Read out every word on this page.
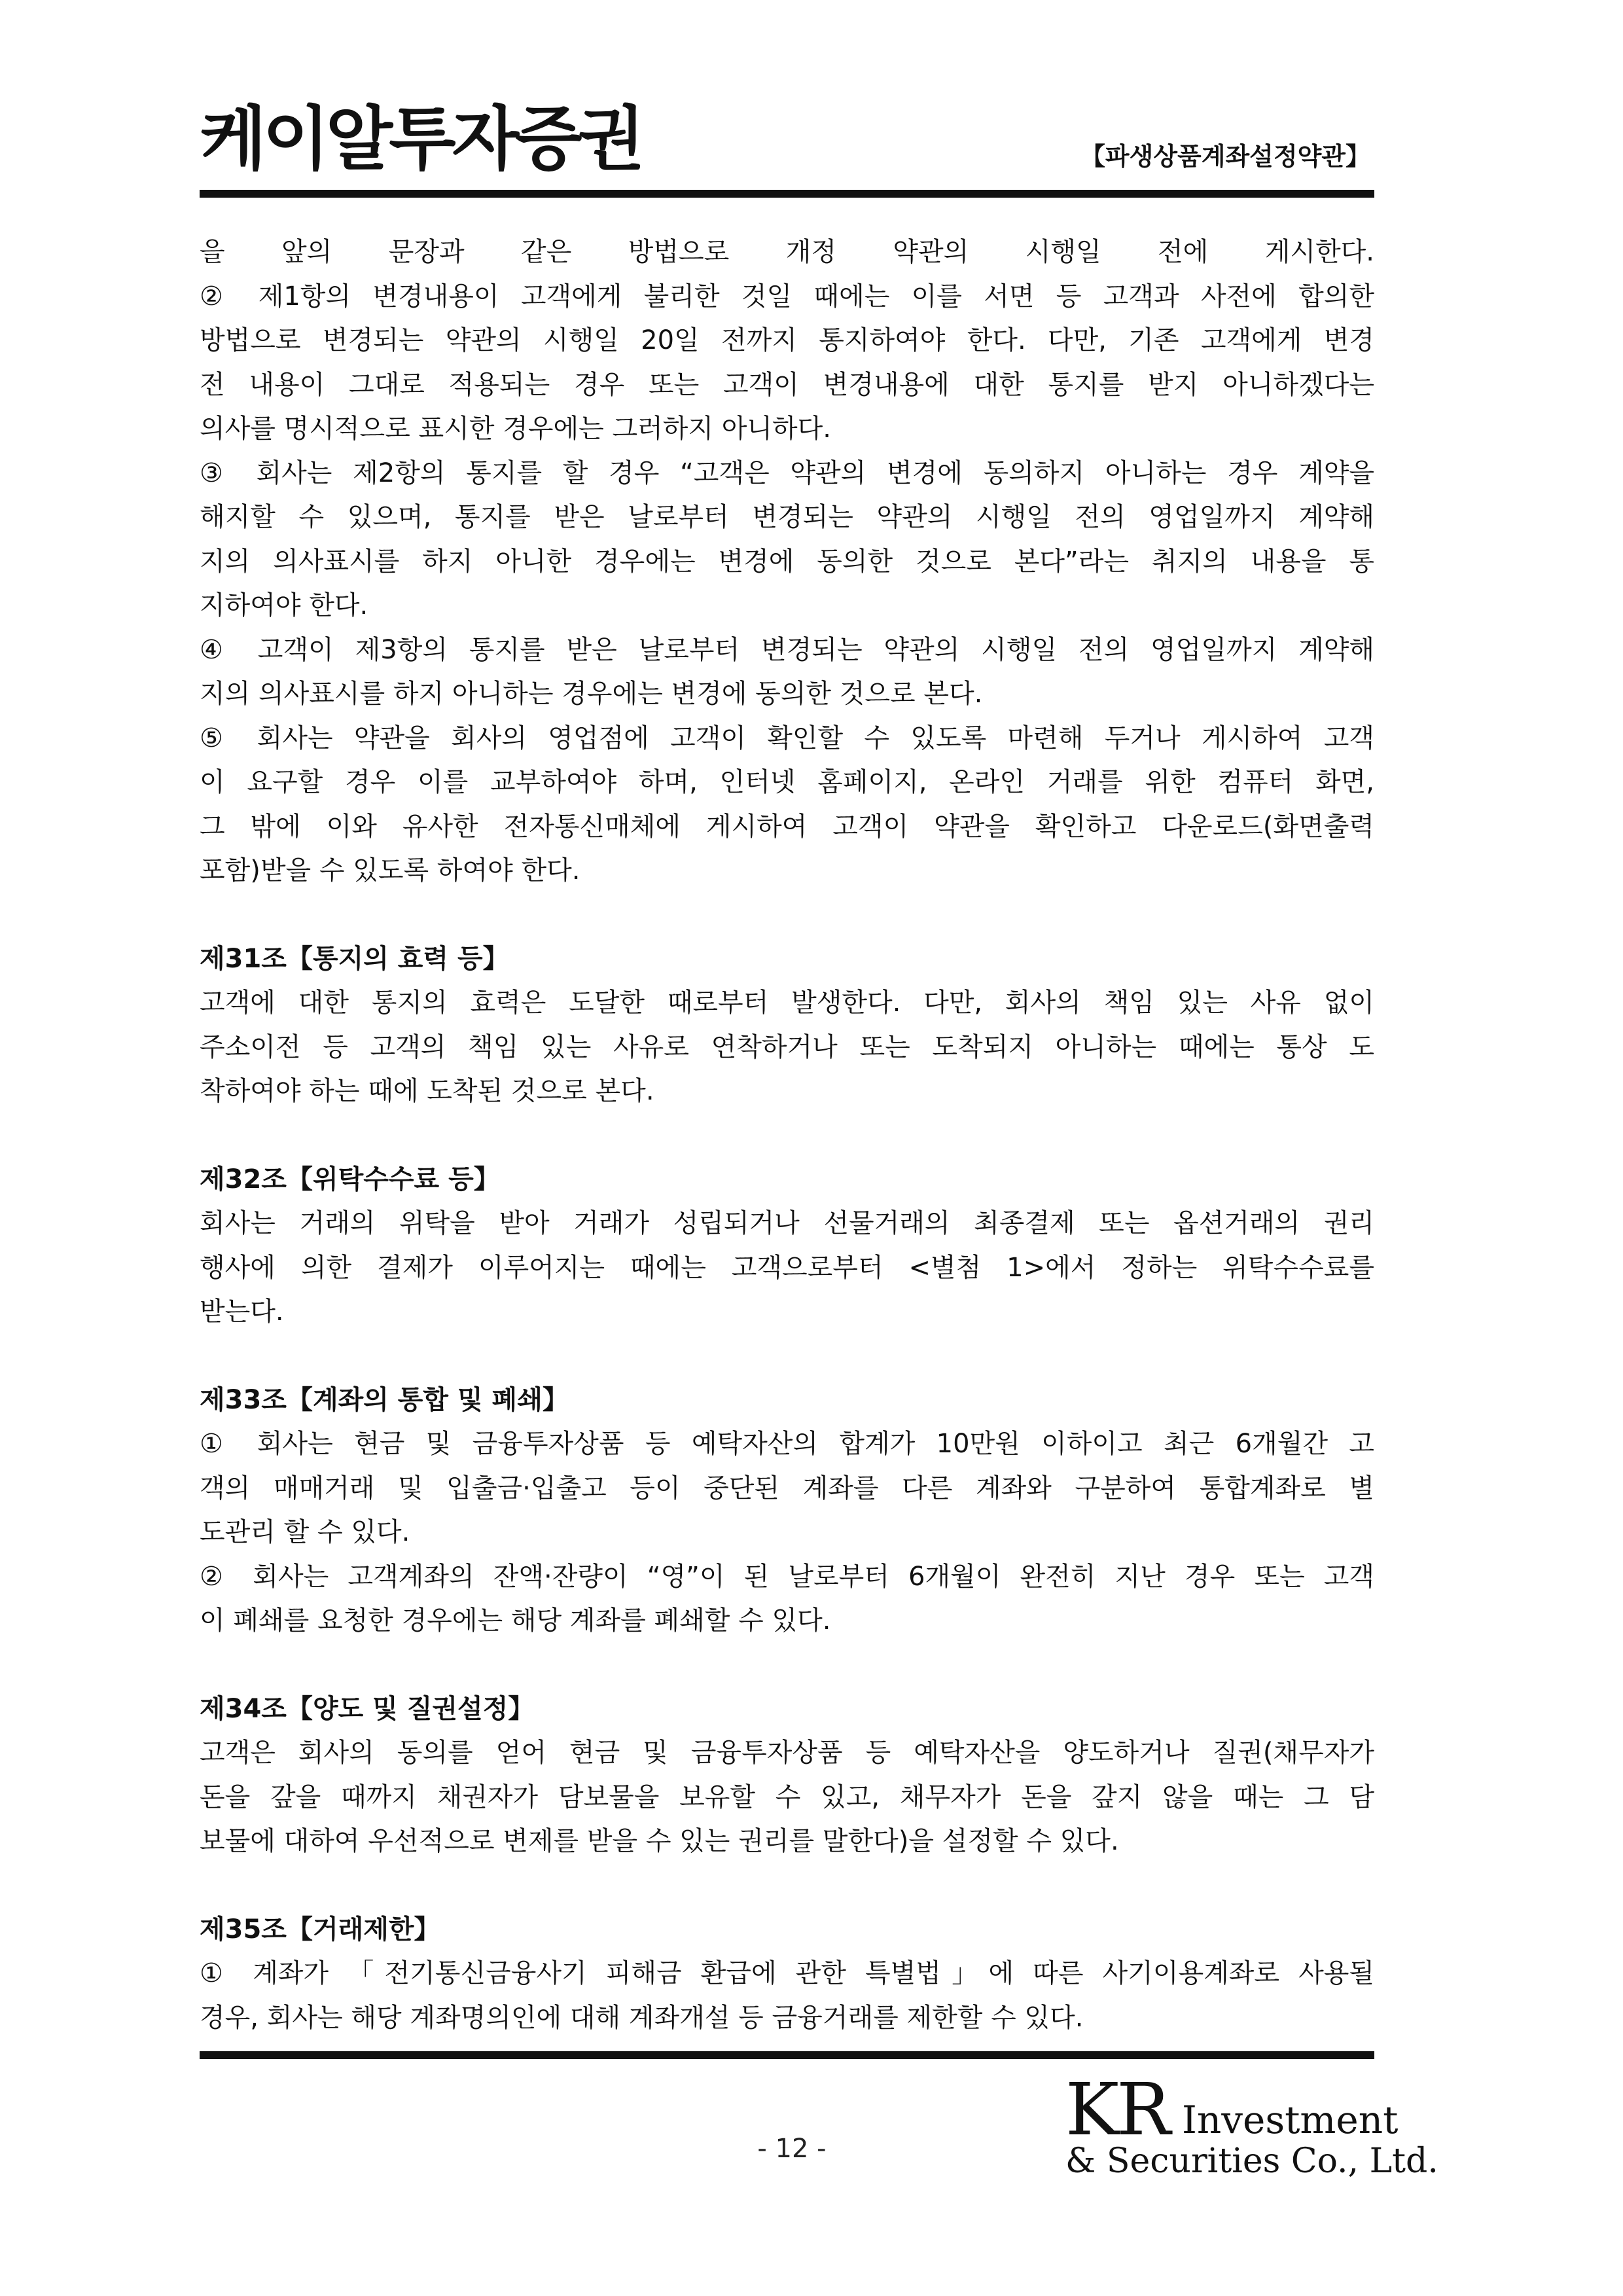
케이알투자증권	【파생상품계좌설정약관】
을 앞의 문장과 같은 방법으로 개정 약관의 시행일 전에 게시한다.
② 제1항의 변경내용이 고객에게 불리한 것일 때에는 이를 서면 등 고객과 사전에 합의한
방법으로 변경되는 약관의 시행일 20일 전까지 통지하여야 한다. 다만, 기존 고객에게 변경
전 내용이 그대로 적용되는 경우 또는 고객이 변경내용에 대한 통지를 받지 아니하겠다는
의사를 명시적으로 표시한 경우에는 그러하지 아니하다.
③ 회사는 제2항의 통지를 할 경우 “고객은 약관의 변경에 동의하지 아니하는 경우 계약을
해지할 수 있으며, 통지를 받은 날로부터 변경되는 약관의 시행일 전의 영업일까지 계약해
지의 의사표시를 하지 아니한 경우에는 변경에 동의한 것으로 본다”라는 취지의 내용을 통
지하여야 한다.
④ 고객이 제3항의 통지를 받은 날로부터 변경되는 약관의 시행일 전의 영업일까지 계약해
지의 의사표시를 하지 아니하는 경우에는 변경에 동의한 것으로 본다.
⑤ 회사는 약관을 회사의 영업점에 고객이 확인할 수 있도록 마련해 두거나 게시하여 고객
이 요구할 경우 이를 교부하여야 하며, 인터넷 홈페이지, 온라인 거래를 위한 컴퓨터 화면,
그 밖에 이와 유사한 전자통신매체에 게시하여 고객이 약관을 확인하고 다운로드(화면출력
포함)받을 수 있도록 하여야 한다.
제31조【통지의 효력 등】
고객에 대한 통지의 효력은 도달한 때로부터 발생한다. 다만, 회사의 책임 있는 사유 없이
주소이전 등 고객의 책임 있는 사유로 연착하거나 또는 도착되지 아니하는 때에는 통상 도
착하여야 하는 때에 도착된 것으로 본다.
제32조【위탁수수료 등】
회사는 거래의 위탁을 받아 거래가 성립되거나 선물거래의 최종결제 또는 옵션거래의 권리
행사에 의한 결제가 이루어지는 때에는 고객으로부터 <별첨 1>에서 정하는 위탁수수료를
받는다.
제33조【계좌의 통합 및 폐쇄】
① 회사는 현금 및 금융투자상품 등 예탁자산의 합계가 10만원 이하이고 최근 6개월간 고
객의 매매거래 및 입출금·입출고 등이 중단된 계좌를 다른 계좌와 구분하여 통합계좌로 별
도관리 할 수 있다.
② 회사는 고객계좌의 잔액·잔량이 “영”이 된 날로부터 6개월이 완전히 지난 경우 또는 고객
이 폐쇄를 요청한 경우에는 해당 계좌를 폐쇄할 수 있다.
제34조【양도 및 질권설정】
고객은 회사의 동의를 얻어 현금 및 금융투자상품 등 예탁자산을 양도하거나 질권(채무자가
돈을 갚을 때까지 채권자가 담보물을 보유할 수 있고, 채무자가 돈을 갚지 않을 때는 그 담
보물에 대하여 우선적으로 변제를 받을 수 있는 권리를 말한다)을 설정할 수 있다.
제35조【거래제한】
① 계좌가 「전기통신금융사기 피해금 환급에 관한 특별법」에 따른 사기이용계좌로 사용될
경우, 회사는 해당 계좌명의인에 대해 계좌개설 등 금융거래를 제한할 수 있다.
- 12 -	KR Investment
& Securities Co., Ltd.
